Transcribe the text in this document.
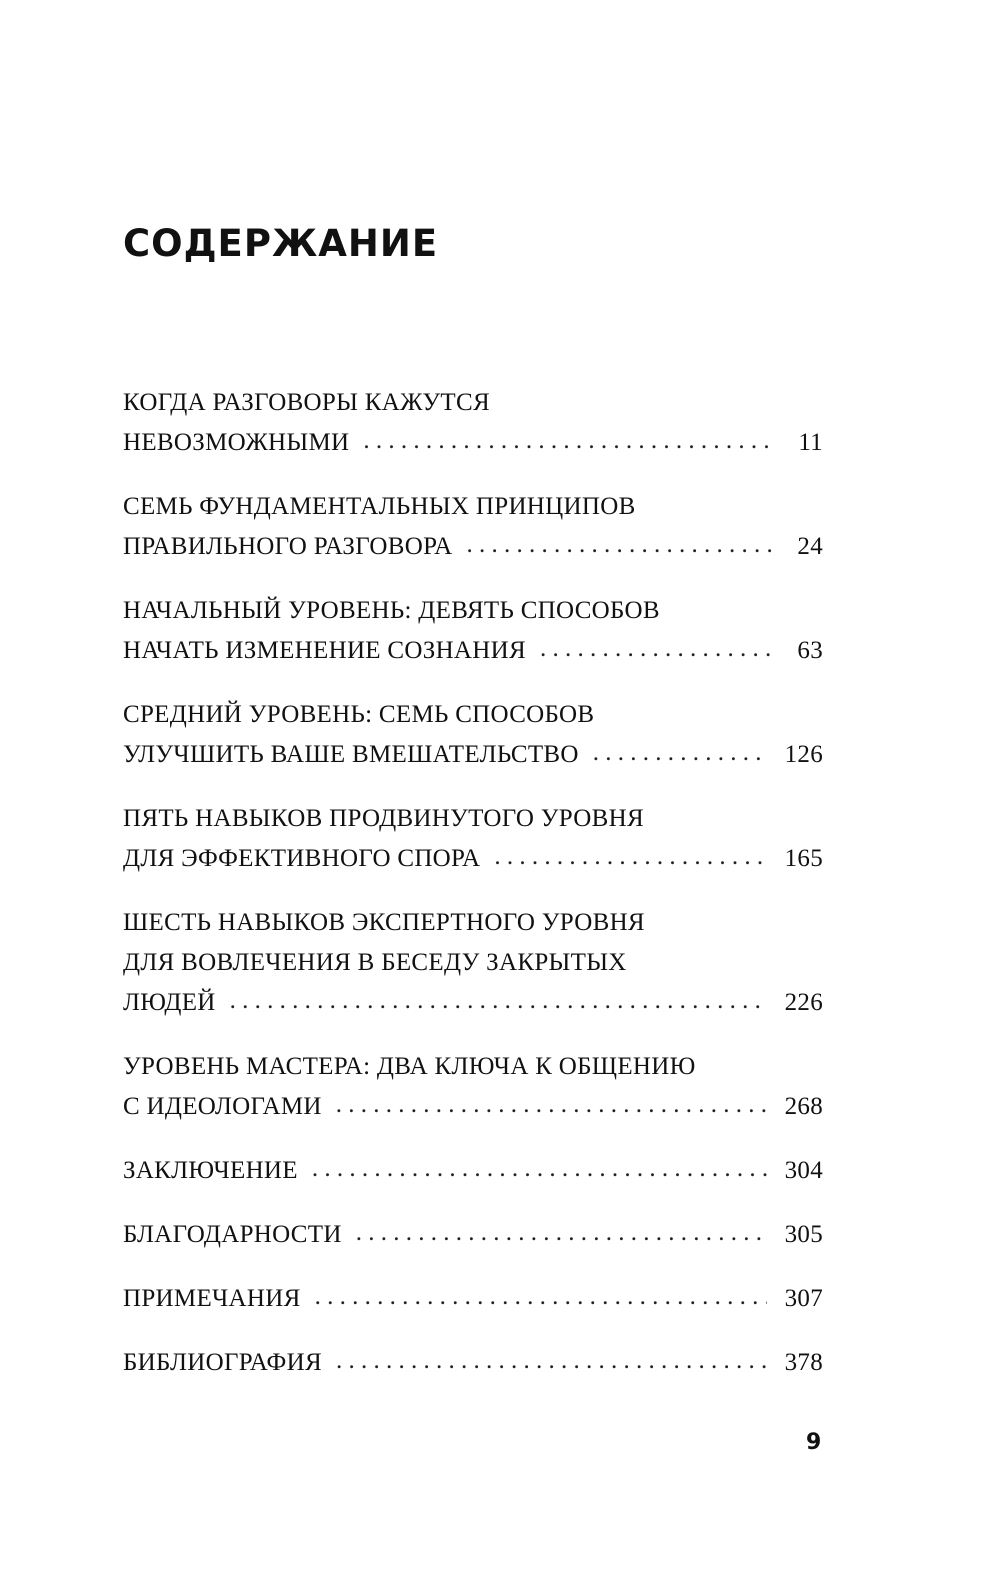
СОДЕРЖАНИЕ
КОГДА РАЗГОВОРЫ КАЖУТСЯ
НЕВОЗМОЖНЫМИ . . .	11
СЕМЬ ФУНДАМЕНТАЛЬНЫХ ПРИНЦИПОВ
ПРАВИЛЬНОГО РАЗГОВОРА . . .	24
НАЧАЛЬНЫЙ УРОВЕНЬ: ДЕВЯТЬ СПОСОБОВ
НАЧАТЬ ИЗМЕНЕНИЕ СОЗНАНИЯ . . .	63
СРЕДНИЙ УРОВЕНЬ: СЕМЬ СПОСОБОВ
УЛУЧШИТЬ ВАШЕ ВМЕШАТЕЛЬСТВО . . .	126
ПЯТЬ НАВЫКОВ ПРОДВИНУТОГО УРОВНЯ
ДЛЯ ЭФФЕКТИВНОГО СПОРА . . .	165
ШЕСТЬ НАВЫКОВ ЭКСПЕРТНОГО УРОВНЯ
ДЛЯ ВОВЛЕЧЕНИЯ В БЕСЕДУ ЗАКРЫТЫХ
ЛЮДЕЙ . . .	226
УРОВЕНЬ МАСТЕРА: ДВА КЛЮЧА К ОБЩЕНИЮ
С ИДЕОЛОГАМИ . . .	268
ЗАКЛЮЧЕНИЕ . . .	304
БЛАГОДАРНОСТИ . . .	305
ПРИМЕЧАНИЯ . . .	307
БИБЛИОГРАФИЯ . . .	378
9
